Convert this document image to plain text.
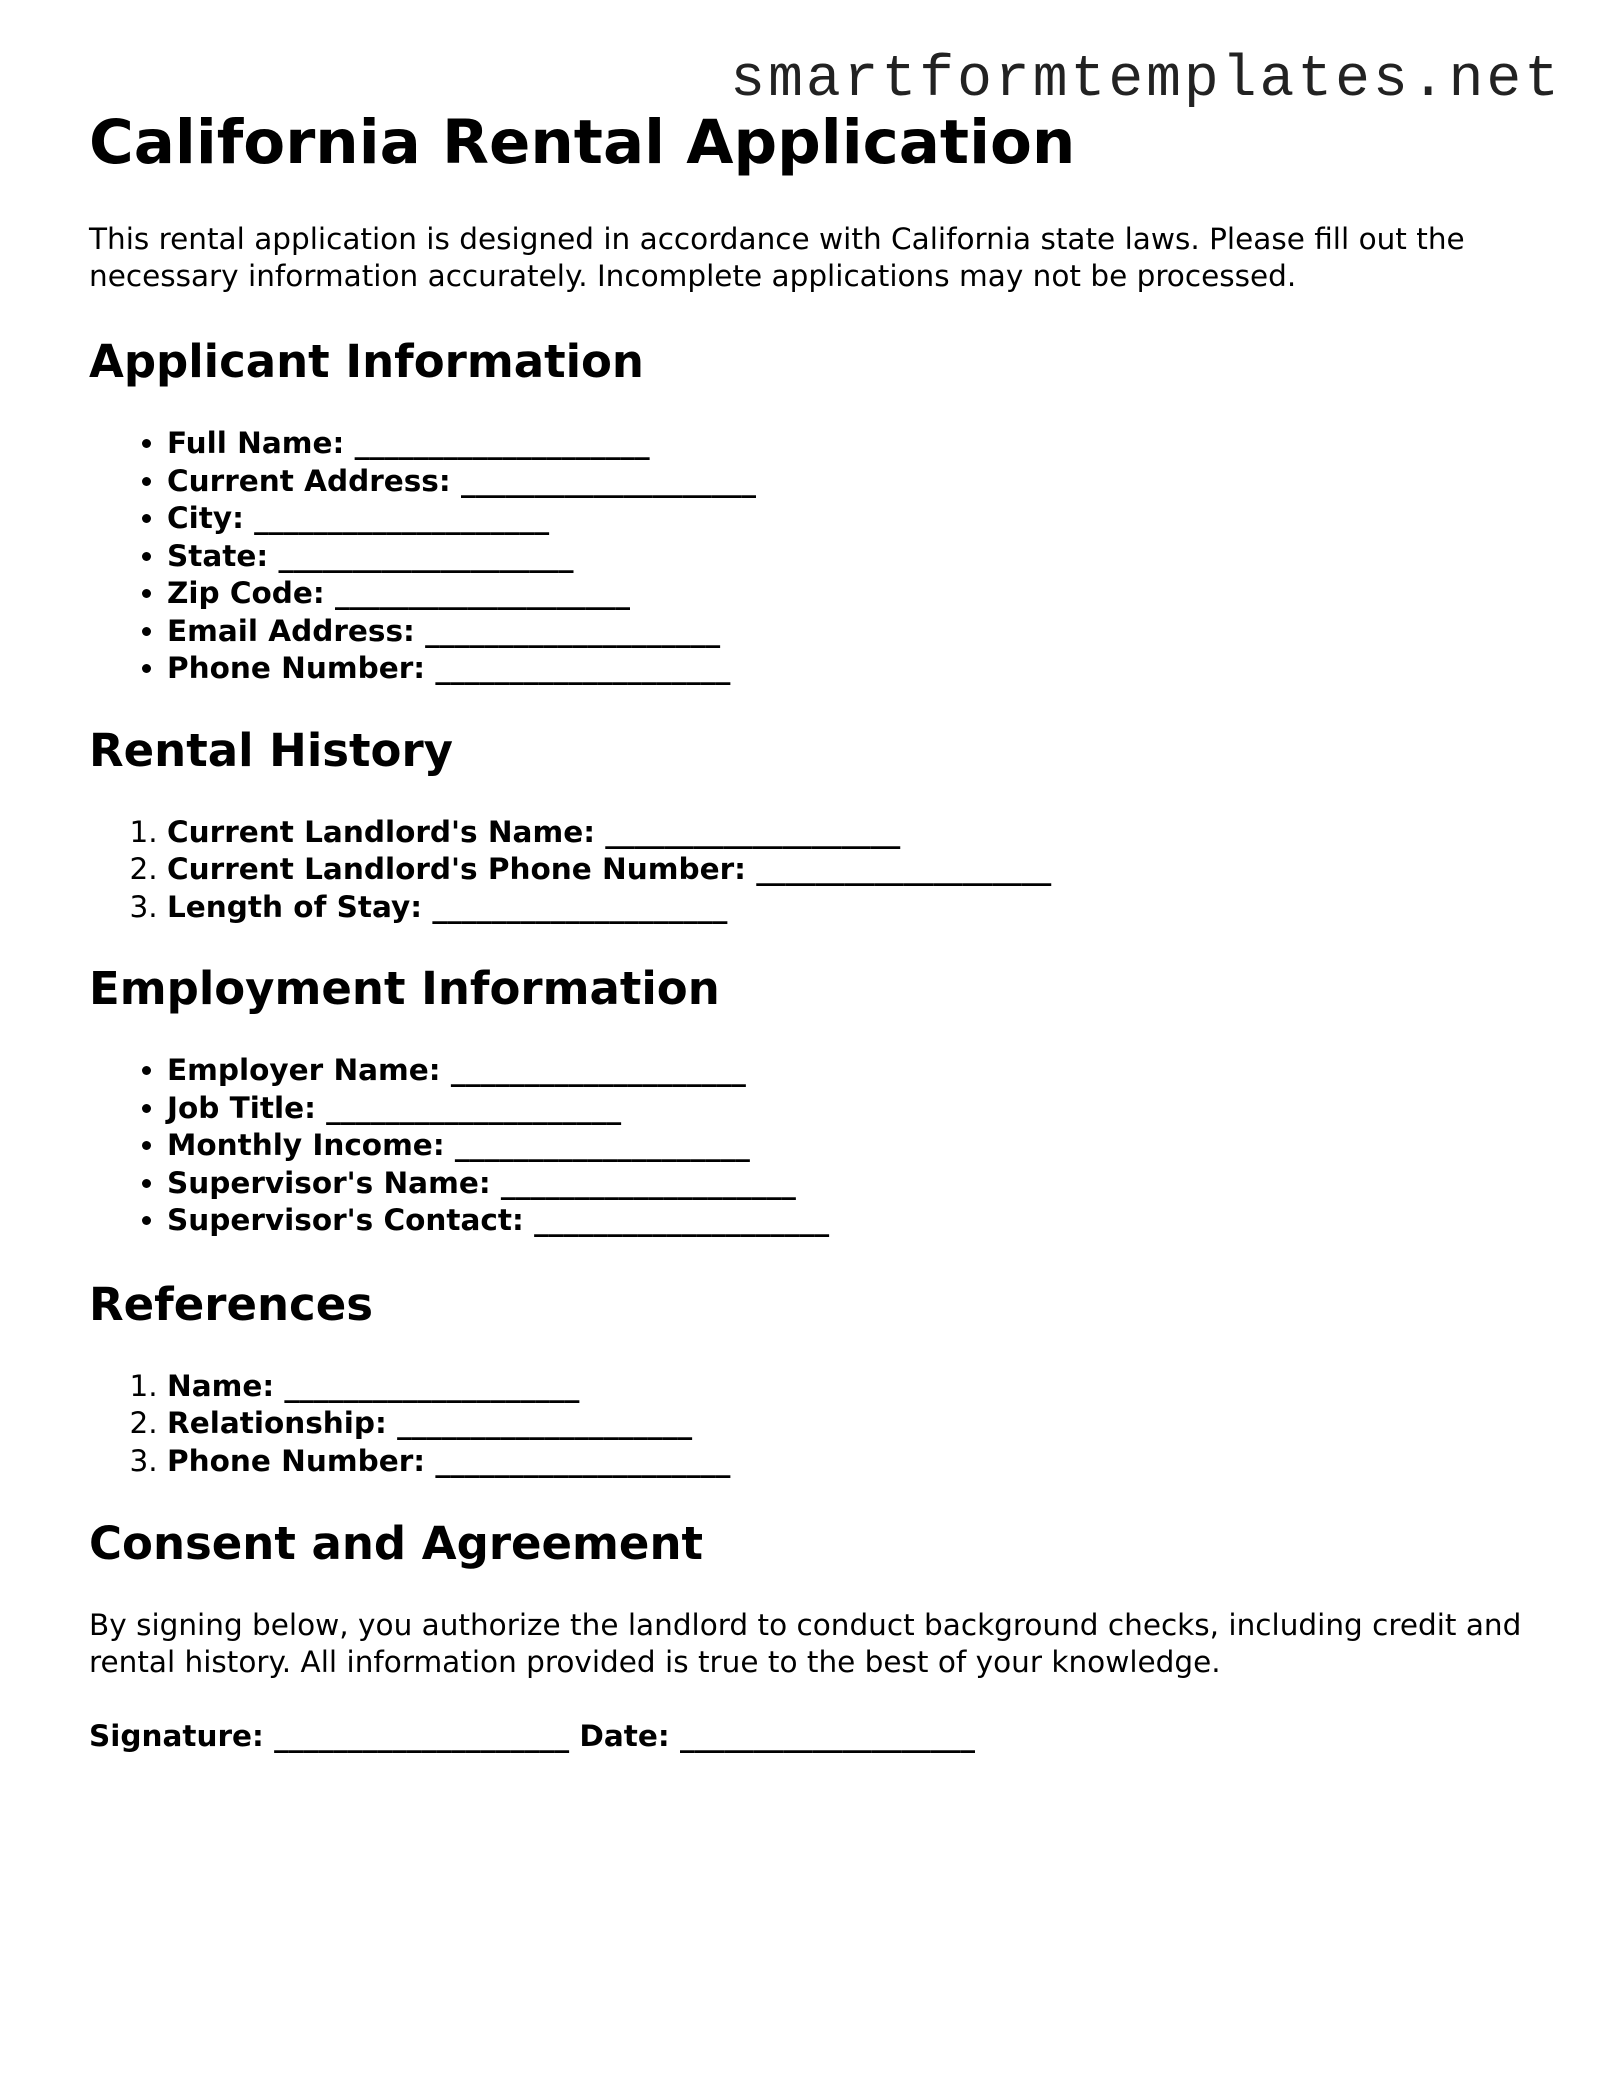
smartformtemplates.net
California Rental Application

This rental application is designed in accordance with California state laws. Please fill out the necessary information accurately. Incomplete applications may not be processed.

Applicant Information
• Full Name: ____________________
• Current Address: ____________________
• City: ____________________
• State: ____________________
• Zip Code: ____________________
• Email Address: ____________________
• Phone Number: ____________________
Rental History
1. Current Landlord's Name: ____________________
2. Current Landlord's Phone Number: ____________________
3. Length of Stay: ____________________
Employment Information
• Employer Name: ____________________
• Job Title: ____________________
• Monthly Income: ____________________
• Supervisor's Name: ____________________
• Supervisor's Contact: ____________________
References
1. Name: ____________________
2. Relationship: ____________________
3. Phone Number: ____________________
Consent and Agreement

By signing below, you authorize the landlord to conduct background checks, including credit and rental history. All information provided is true to the best of your knowledge.

Signature: ____________________ Date: ____________________
